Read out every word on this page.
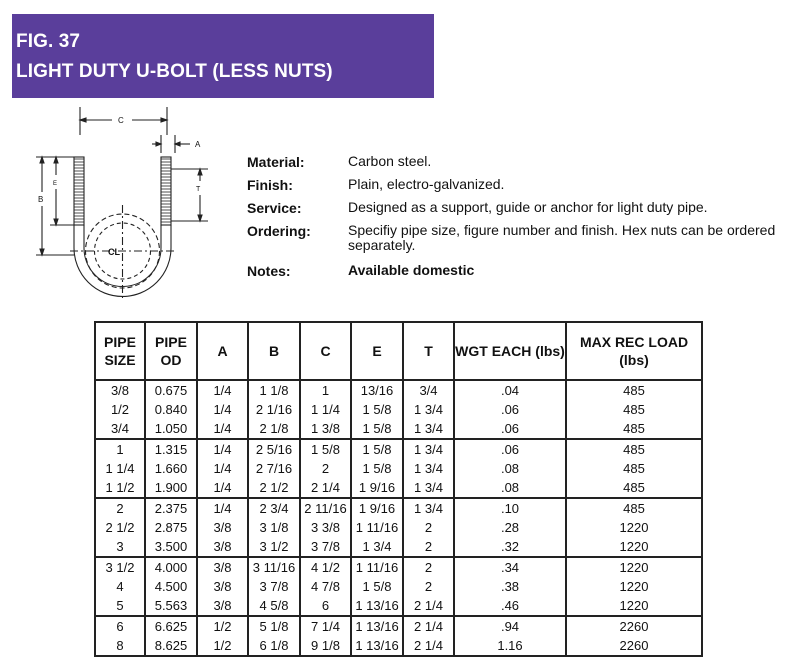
FIG. 37
LIGHT DUTY U-BOLT (LESS NUTS)
C
A
B
E
T
CL
Material:	Carbon steel.
Finish:	Plain, electro-galvanized.
Service:	Designed as a support, guide or anchor for light duty pipe.
Ordering:	Specifiy pipe size, figure number and finish. Hex nuts can be ordered separately.
Notes:	Available domestic
PIPE SIZE	PIPE OD	A	B	C	E	T	WGT EACH (lbs)	MAX REC LOAD (lbs)
3/8	0.675	1/4	1 1/8	1	13/16	3/4	.04	485
1/2	0.840	1/4	2 1/16	1 1/4	1 5/8	1 3/4	.06	485
3/4	1.050	1/4	2 1/8	1 3/8	1 5/8	1 3/4	.06	485
1	1.315	1/4	2 5/16	1 5/8	1 5/8	1 3/4	.06	485
1 1/4	1.660	1/4	2 7/16	2	1 5/8	1 3/4	.08	485
1 1/2	1.900	1/4	2 1/2	2 1/4	1 9/16	1 3/4	.08	485
2	2.375	1/4	2 3/4	2 11/16	1 9/16	1 3/4	.10	485
2 1/2	2.875	3/8	3 1/8	3 3/8	1 11/16	2	.28	1220
3	3.500	3/8	3 1/2	3 7/8	1 3/4	2	.32	1220
3 1/2	4.000	3/8	3 11/16	4 1/2	1 11/16	2	.34	1220
4	4.500	3/8	3 7/8	4 7/8	1 5/8	2	.38	1220
5	5.563	3/8	4 5/8	6	1 13/16	2 1/4	.46	1220
6	6.625	1/2	5 1/8	7 1/4	1 13/16	2 1/4	.94	2260
8	8.625	1/2	6 1/8	9 1/8	1 13/16	2 1/4	1.16	2260
